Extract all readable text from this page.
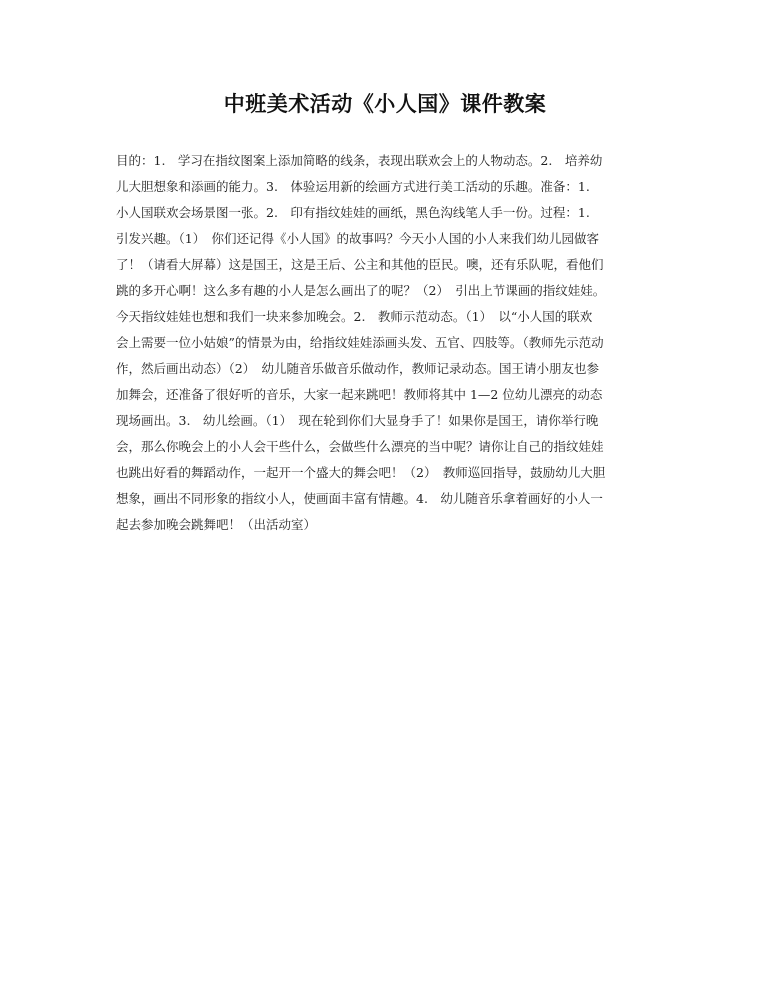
中班美术活动《小人国》课件教案
目的：1.　学习在指纹图案上添加简略的线条，表现出联欢会上的人物动态。2.　培养幼
儿大胆想象和添画的能力。3.　体验运用新的绘画方式进行美工活动的乐趣。准备：1.
小人国联欢会场景图一张。2.　印有指纹娃娃的画纸，黑色沟线笔人手一份。过程：1.
引发兴趣。（1）　你们还记得《小人国》的故事吗？今天小人国的小人来我们幼儿园做客
了！（请看大屏幕）这是国王，这是王后、公主和其他的臣民。噢，还有乐队呢，看他们
跳的多开心啊！这么多有趣的小人是怎么画出了的呢？（2）　引出上节课画的指纹娃娃。
今天指纹娃娃也想和我们一块来参加晚会。2.　教师示范动态。（1）　以“小人国的联欢
会上需要一位小姑娘”的情景为由，给指纹娃娃添画头发、五官、四肢等。（教师先示范动
作，然后画出动态）（2）　幼儿随音乐做音乐做动作，教师记录动态。国王请小朋友也参
加舞会，还准备了很好听的音乐，大家一起来跳吧！教师将其中 1—2 位幼儿漂亮的动态
现场画出。3.　幼儿绘画。（1）　现在轮到你们大显身手了！如果你是国王，请你举行晚
会，那么你晚会上的小人会干些什么，会做些什么漂亮的当中呢？请你让自己的指纹娃娃
也跳出好看的舞蹈动作，一起开一个盛大的舞会吧！（2）　教师巡回指导，鼓励幼儿大胆
想象，画出不同形象的指纹小人，使画面丰富有情趣。4.　幼儿随音乐拿着画好的小人一
起去参加晚会跳舞吧！（出活动室）
